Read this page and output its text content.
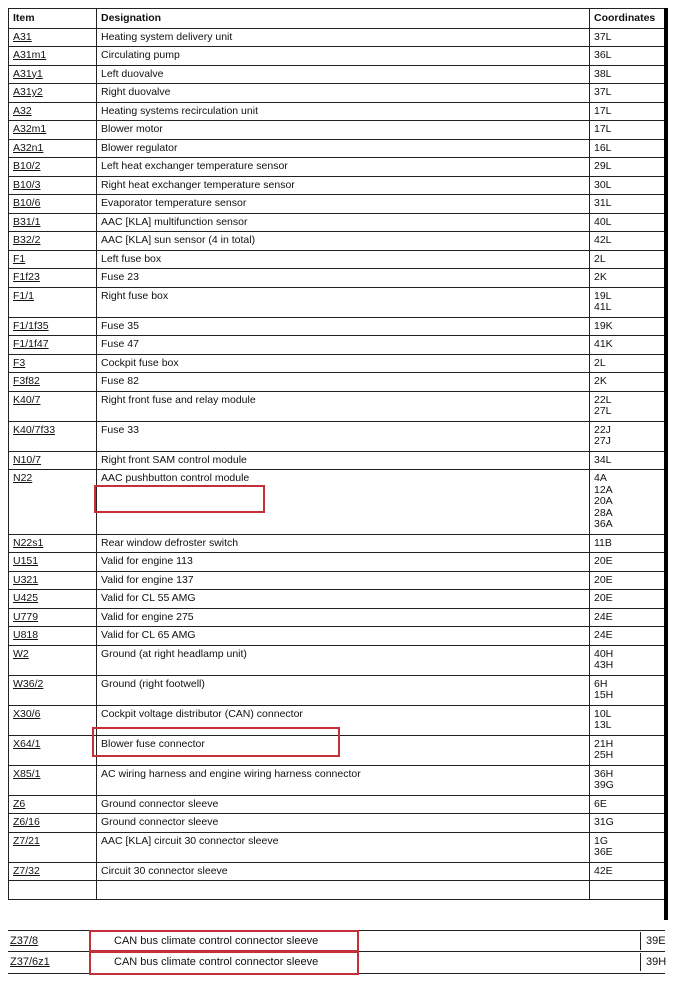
Item	Designation	Coordinates
A31	Heating system delivery unit	37L

A31m1	Circulating pump	36L

A31y1	Left duovalve	38L

A31y2	Right duovalve	37L

A32	Heating systems recirculation unit	17L

A32m1	Blower motor	17L

A32n1	Blower regulator	16L

B10/2	Left heat exchanger temperature sensor	29L

B10/3	Right heat exchanger temperature sensor	30L

B10/6	Evaporator temperature sensor	31L

B31/1	AAC [KLA] multifunction sensor	40L

B32/2	AAC [KLA] sun sensor (4 in total)	42L

F1	Left fuse box	2L

F1f23	Fuse 23	2K

F1/1	Right fuse box	19L
41L

F1/1f35	Fuse 35	19K

F1/1f47	Fuse 47	41K

F3	Cockpit fuse box	2L

F3f82	Fuse 82	2K

K40/7	Right front fuse and relay module	22L
27L

K40/7f33	Fuse 33	22J
27J

N10/7	Right front SAM control module	34L

N22	AAC pushbutton control module	4A
12A
20A
28A
36A

N22s1	Rear window defroster switch	11B

U151	Valid for engine 113	20E

U321	Valid for engine 137	20E

U425	Valid for CL 55 AMG	20E

U779	Valid for engine 275	24E

U818	Valid for CL 65 AMG	24E

W2	Ground (at right headlamp unit)	40H
43H

W36/2	Ground (right footwell)	6H
15H

X30/6	Cockpit voltage distributor (CAN) connector	10L
13L

X64/1	Blower fuse connector	21H
25H

X85/1	AC wiring harness and engine wiring harness connector	36H
39G

Z6	Ground connector sleeve	6E

Z6/16	Ground connector sleeve	31G

Z7/21	AAC [KLA] circuit 30 connector sleeve	1G
36E

Z7/32	Circuit 30 connector sleeve	42E

Z37/8	CAN bus climate control connector sleeve	39E
Z37/6z1	CAN bus climate control connector sleeve	39H
